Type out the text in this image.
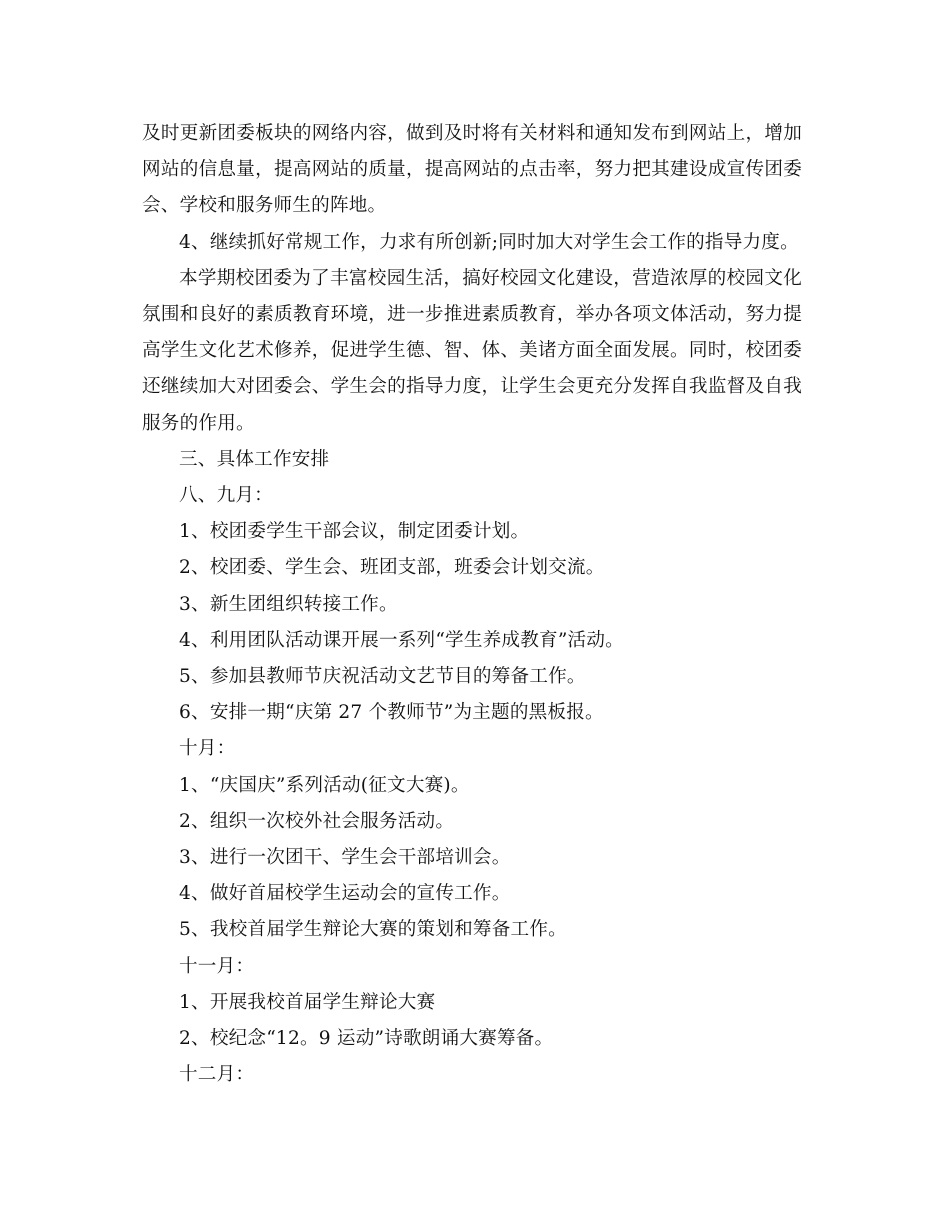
及时更新团委板块的网络内容，做到及时将有关材料和通知发布到网站上，增加网站的信息量，提高网站的质量，提高网站的点击率，努力把其建设成宣传团委会、学校和服务师生的阵地。

4、继续抓好常规工作，力求有所创新;同时加大对学生会工作的指导力度。

本学期校团委为了丰富校园生活，搞好校园文化建设，营造浓厚的校园文化氛围和良好的素质教育环境，进一步推进素质教育，举办各项文体活动，努力提高学生文化艺术修养，促进学生德、智、体、美诸方面全面发展。同时，校团委还继续加大对团委会、学生会的指导力度，让学生会更充分发挥自我监督及自我服务的作用。

三、具体工作安排

八、九月：

1、校团委学生干部会议，制定团委计划。

2、校团委、学生会、班团支部，班委会计划交流。

3、新生团组织转接工作。

4、利用团队活动课开展一系列“学生养成教育”活动。

5、参加县教师节庆祝活动文艺节目的筹备工作。

6、安排一期“庆第 27 个教师节”为主题的黑板报。

十月：

1、“庆国庆”系列活动(征文大赛)。

2、组织一次校外社会服务活动。

3、进行一次团干、学生会干部培训会。

4、做好首届校学生运动会的宣传工作。

5、我校首届学生辩论大赛的策划和筹备工作。

十一月：

1、开展我校首届学生辩论大赛

2、校纪念“12。9 运动”诗歌朗诵大赛筹备。

十二月：
